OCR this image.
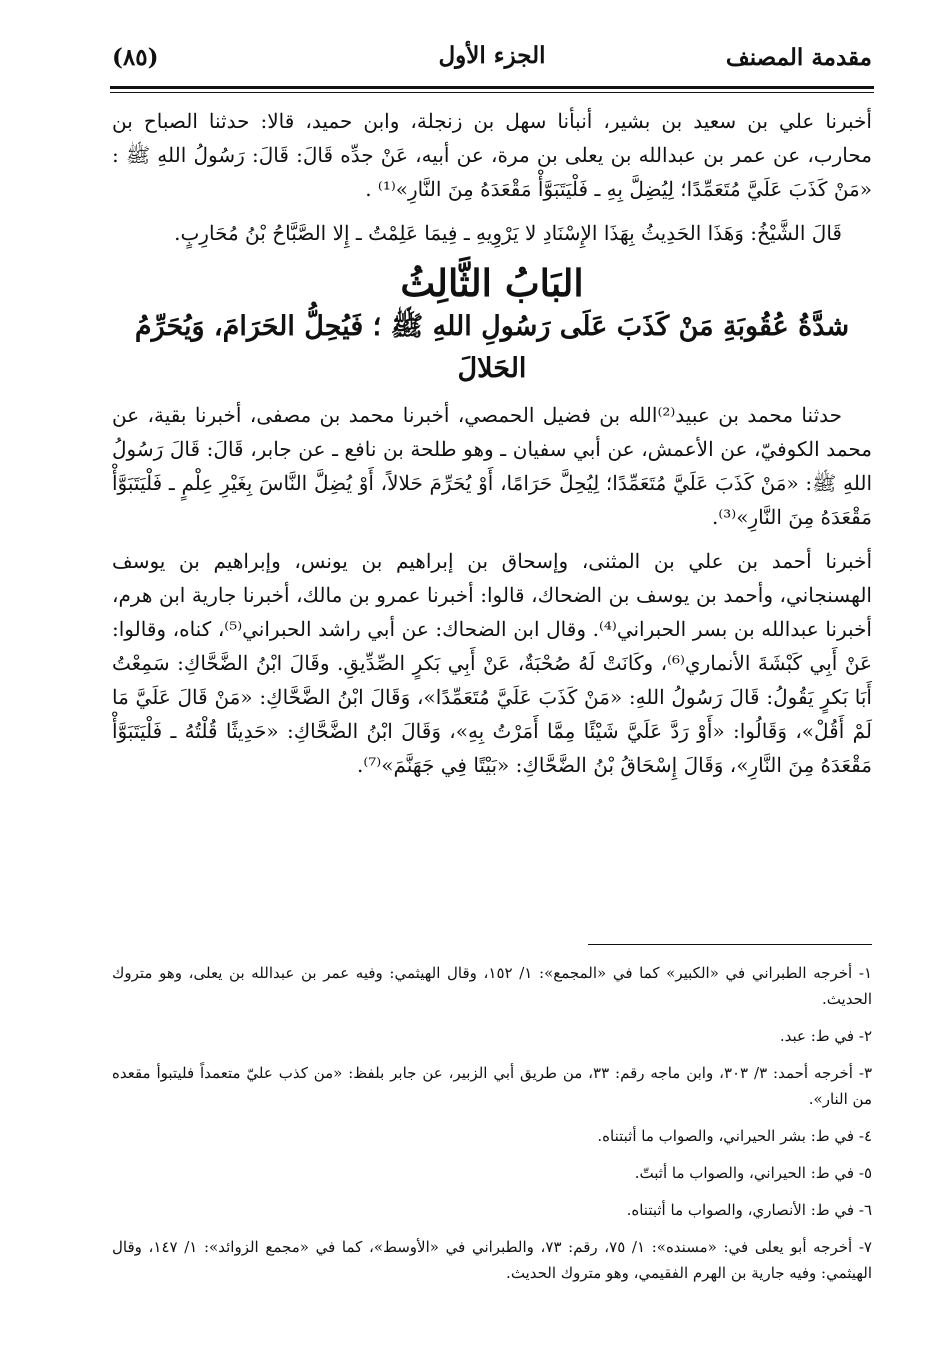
مقدمة المصنف
الجزء الأول
(٨٥)

أخبرنا علي بن سعيد بن بشير، أنبأنا سهل بن زنجلة، وابن حميد، قالا: حدثنا الصباح بن محارب، عن عمر بن عبدالله بن يعلى بن مرة، عن أبيه، عَنْ جدِّه قَالَ: قَالَ: رَسُولُ اللهِ ﷺ : «مَنْ كَذَبَ عَلَيَّ مُتَعَمِّدًا؛ لِيُضِلَّ بِهِ ـ فَلْيَتَبَوَّأْ مَقْعَدَهُ مِنَ النَّارِ»⁽¹⁾ .

قَالَ الشَّيْخُ: وَهَذَا الحَدِيثُ بِهَذَا الإِسْنَادِ لا يَرْوِيهِ ـ فِيمَا عَلِمْتُ ـ إِلا الصَّبَّاحُ بْنُ مُحَارِبٍ.

البَابُ الثَّالِثُ
شدَّةُ عُقُوبَةِ مَنْ كَذَبَ عَلَى رَسُولِ اللهِ ﷺ ؛ فَيُحِلُّ الحَرَامَ، وَيُحَرِّمُ الحَلالَ

حدثنا محمد بن عبيد⁽²⁾الله بن فضيل الحمصي، أخبرنا محمد بن مصفى، أخبرنا بقية، عن محمد الكوفيّ، عن الأعمش، عن أبي سفيان ـ وهو طلحة بن نافع ـ عن جابر، قَالَ: قَالَ رَسُولُ اللهِ ﷺ: «مَنْ كَذَبَ عَلَيَّ مُتَعَمِّدًا؛ لِيُحِلَّ حَرَامًا، أَوْ يُحَرِّمَ حَلالاً، أَوْ يُضِلَّ النَّاسَ بِغَيْرِ عِلْمٍ ـ فَلْيَتَبَوَّأْ مَقْعَدَهُ مِنَ النَّارِ»⁽³⁾.

أخبرنا أحمد بن علي بن المثنى، وإسحاق بن إبراهيم بن يونس، وإبراهيم بن يوسف الهسنجاني، وأحمد بن يوسف بن الضحاك، قالوا: أخبرنا عمرو بن مالك، أخبرنا جارية ابن هرم، أخبرنا عبدالله بن بسر الحبراني⁽⁴⁾. وقال ابن الضحاك: عن أبي راشد الحبراني⁽⁵⁾، كناه، وقالوا: عَنْ أَبِي كَبْشَةَ الأنماري⁽⁶⁾، وكَانَتْ لَهُ صُحْبَةٌ، عَنْ أَبِي بَكرٍ الصِّدِّيقِ. وقَالَ ابْنُ الضَّحَّاكِ: سَمِعْتُ أَبَا بَكرٍ يَقُولُ: قَالَ رَسُولُ اللهِ: «مَنْ كَذَبَ عَلَيَّ مُتَعَمِّدًا»، وَقَالَ ابْنُ الضَّحَّاكِ: «مَنْ قَالَ عَلَيَّ مَا لَمْ أَقُلْ»، وَقَالُوا: «أَوْ رَدَّ عَلَيَّ شَيْئًا مِمَّا أَمَرْتُ بِهِ»، وَقَالَ ابْنُ الضَّحَّاكِ: «حَدِيثًا قُلْتُهُ ـ فَلْيَتَبَوَّأْ مَقْعَدَهُ مِنَ النَّارِ»، وَقَالَ إِسْحَاقُ بْنُ الضَّحَّاكِ: «بَيْتًا فِي جَهَنَّمَ»⁽⁷⁾.

١- أخرجه الطبراني في «الكبير» كما في «المجمع»: ١/ ١٥٢، وقال الهيثمي: وفيه عمر بن عبدالله بن يعلى، وهو متروك الحديث.

٢- في ط: عبد.

٣- أخرجه أحمد: ٣/ ٣٠٣، وابن ماجه رقم: ٣٣، من طريق أبي الزبير، عن جابر بلفظ: «من كذب عليّ متعمداً فليتبوأ مقعده من النار».

٤- في ط: بشر الحيراني، والصواب ما أثبتناه.

٥- في ط: الحيراني، والصواب ما أثبتّ.

٦- في ط: الأنصاري، والصواب ما أثبتناه.

٧- أخرجه أبو يعلى في: «مسنده»: ١/ ٧٥، رقم: ٧٣، والطبراني في «الأوسط»، كما في «مجمع الزوائد»: ١/ ١٤٧، وقال الهيثمي: وفيه جارية بن الهرم الفقيمي، وهو متروك الحديث.
